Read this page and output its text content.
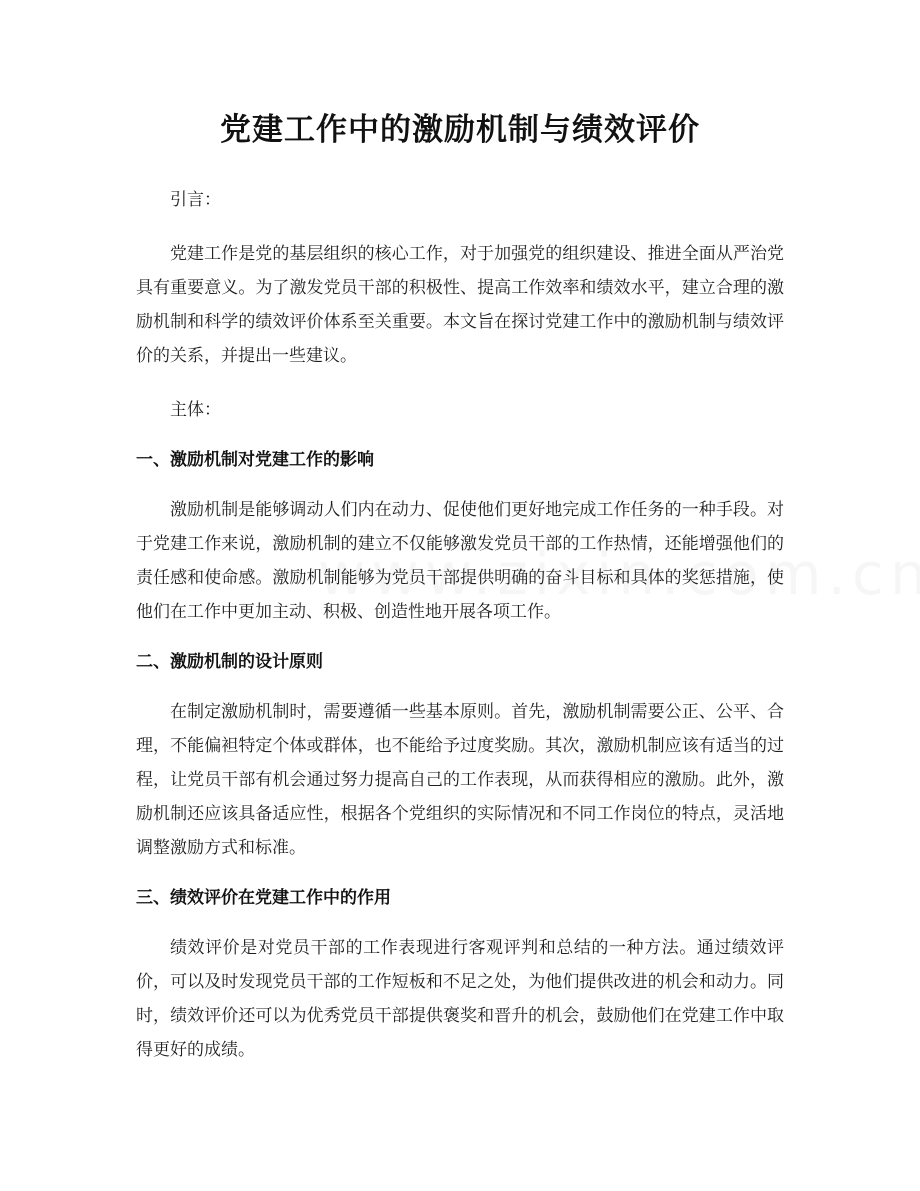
党建工作中的激励机制与绩效评价

引言：

党建工作是党的基层组织的核心工作，对于加强党的组织建设、推进全面从严治党具有重要意义。为了激发党员干部的积极性、提高工作效率和绩效水平，建立合理的激励机制和科学的绩效评价体系至关重要。本文旨在探讨党建工作中的激励机制与绩效评价的关系，并提出一些建议。

主体：

一、激励机制对党建工作的影响

激励机制是能够调动人们内在动力、促使他们更好地完成工作任务的一种手段。对于党建工作来说，激励机制的建立不仅能够激发党员干部的工作热情，还能增强他们的责任感和使命感。激励机制能够为党员干部提供明确的奋斗目标和具体的奖惩措施，使他们在工作中更加主动、积极、创造性地开展各项工作。

二、激励机制的设计原则

在制定激励机制时，需要遵循一些基本原则。首先，激励机制需要公正、公平、合理，不能偏袒特定个体或群体，也不能给予过度奖励。其次，激励机制应该有适当的过程，让党员干部有机会通过努力提高自己的工作表现，从而获得相应的激励。此外，激励机制还应该具备适应性，根据各个党组织的实际情况和不同工作岗位的特点，灵活地调整激励方式和标准。

三、绩效评价在党建工作中的作用

绩效评价是对党员干部的工作表现进行客观评判和总结的一种方法。通过绩效评价，可以及时发现党员干部的工作短板和不足之处，为他们提供改进的机会和动力。同时，绩效评价还可以为优秀党员干部提供褒奖和晋升的机会，鼓励他们在党建工作中取得更好的成绩。
